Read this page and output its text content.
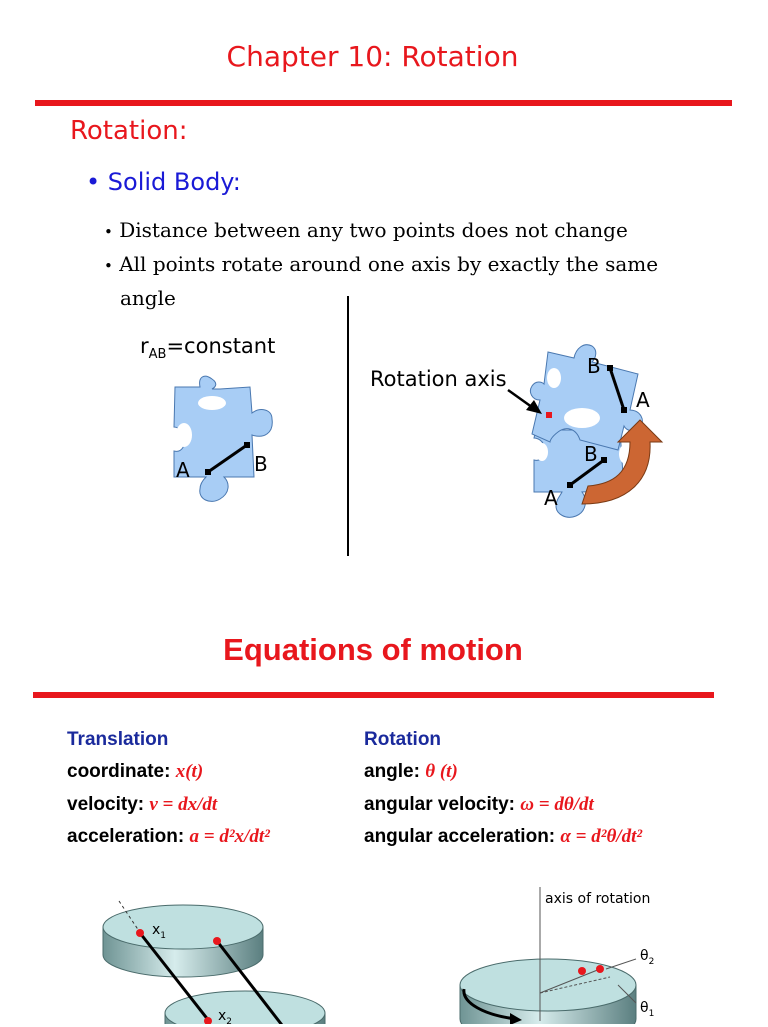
Chapter 10: Rotation
Rotation:
• Solid Body:
• Distance between any two points does not change
• All points rotate around one axis by exactly the same
angle
$r_{AB}=constant$
A	B
Rotation axis
B
A
B
A
Equations of motion
Translation
coordinate: x(t)
velocity: v = dx/dt
acceleration: a = d²x/dt²
Rotation
angle: θ (t)
angular velocity: ω = dθ/dt
angular acceleration: α = d²θ/dt²
$x_1$
$x_2$
axis of rotation
$\theta_2$
$\theta_1$
